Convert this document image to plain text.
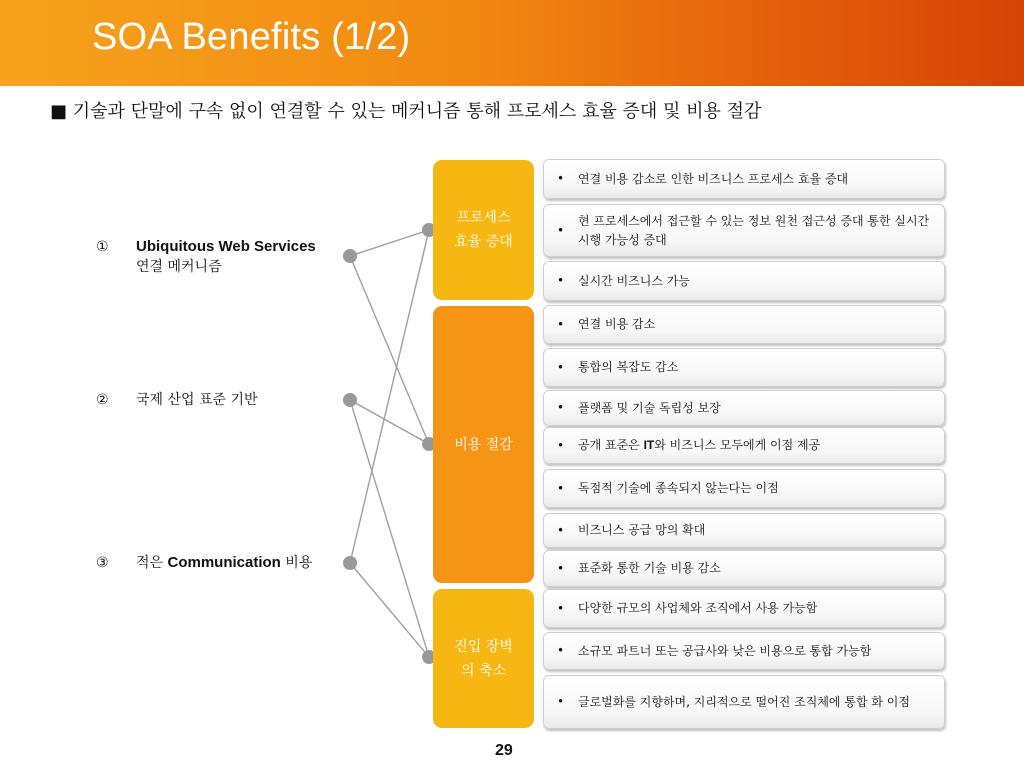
SOA Benefits (1/2)
■ 기술과 단말에 구속 없이 연결할 수 있는 메커니즘 통해 프로세스 효율 증대 및 비용 절감
①	Ubiquitous Web Services
연결 메커니즘
②	국제 산업 표준 기반
③	적은 Communication 비용
프로세스
효율 증대
비용 절감
진입 장벽
의 축소
•	연결 비용 감소로 인한 비즈니스 프로세스 효율 증대
•
현 프로세스에서 접근할 수 있는 정보 원천 접근성 증대 통한 실시간 시행 가능성 증대
•	실시간 비즈니스 가능
•	연결 비용 감소
•	통합의 복잡도 감소
•	플랫폼 및 기술 독립성 보장
•	공개 표준은 IT와 비즈니스 모두에게 이점 제공
•	독점적 기술에 종속되지 않는다는 이점
•	비즈니스 공급 망의 확대
•	표준화 통한 기술 비용 감소
•	다양한 규모의 사업체와 조직에서 사용 가능함
•	소규모 파트너 또는 공급사와 낮은 비용으로 통합 가능함
•	글로벌화를 지향하며, 지리적으로 떨어진 조직체에 통합 화 이점
29
